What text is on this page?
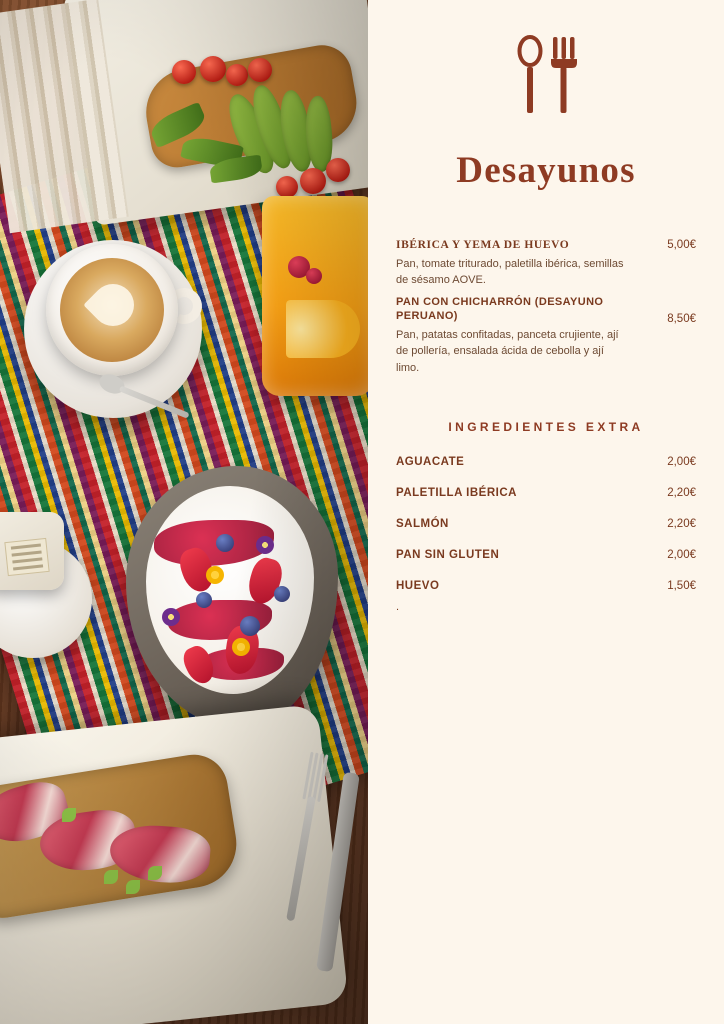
Desayunos
IBÉRICA Y YEMA DE HUEVO	5,00€

Pan, tomate triturado, paletilla ibérica, semillas de sésamo AOVE.

PAN CON CHICHARRÓN (DESAYUNO PERUANO)	8,50€

Pan, patatas confitadas, panceta crujiente, ají de pollería, ensalada ácida de cebolla y ají limo.

INGREDIENTES EXTRA
AGUACATE	2,00€
PALETILLA IBÉRICA	2,20€
SALMÓN	2,20€
PAN SIN GLUTEN	2,00€
HUEVO	1,50€
.
